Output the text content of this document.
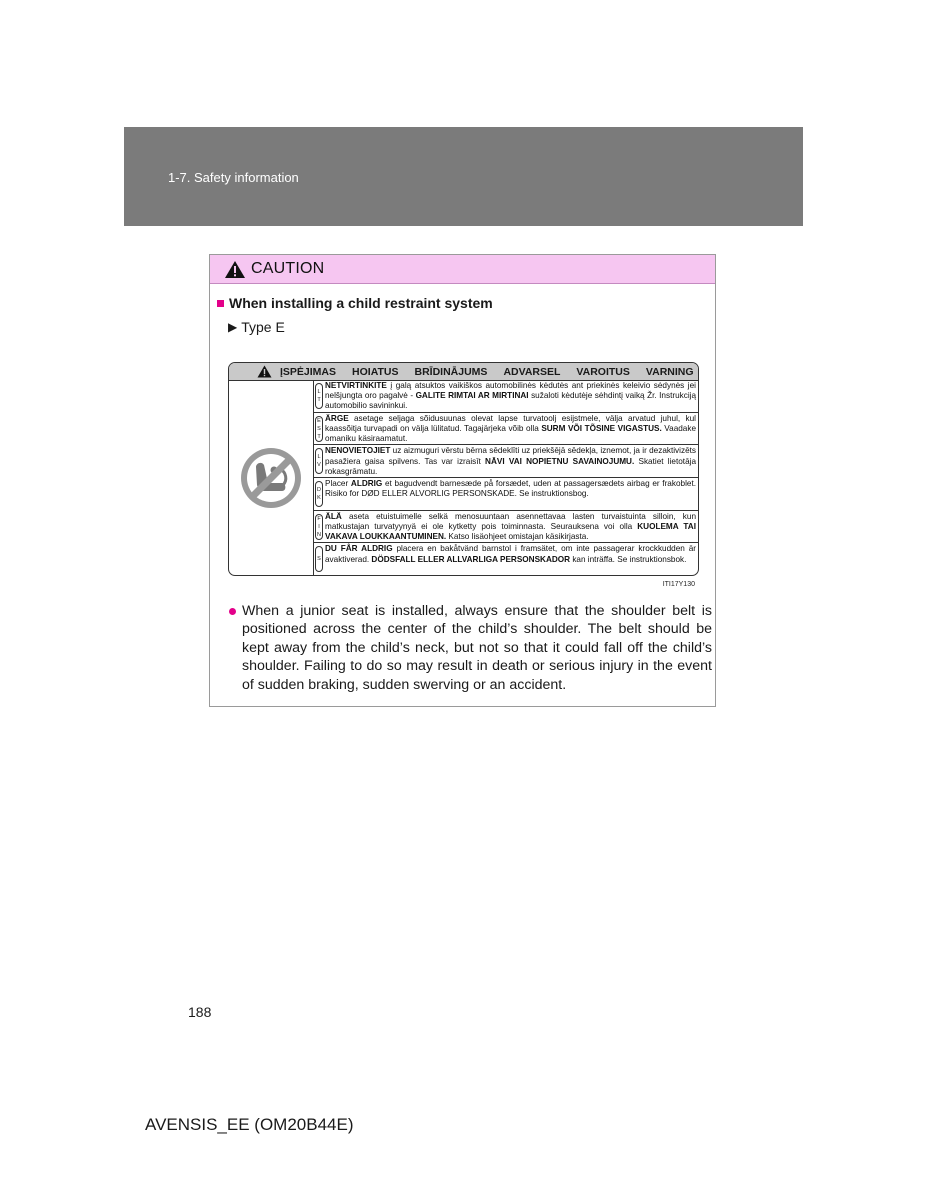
1-7. Safety information
CAUTION
When installing a child restraint system
▶ Type E
ĮSPĖJIMAS HOIATUS BRĪDINĀJUMS ADVARSEL VAROITUS VARNING
L
T
NETVIRTINKITE į galą atsuktos vaikiškos automobilinės kėdutės ant priekinės keleivio sėdynės jei nelšjungta oro pagalvė - GALITE RIMTAI AR MIRTINAI sužaloti kėdutėje sėhdintį vaiką Žr. Instrukciją automobilio savininkui.
E
S
T
ÄRGE asetage seljaga sõidusuunas olevat lapse turvatoolj esijstmele, välja arvatud juhul, kul kaassõitja turvapadi on välja lülitatud. Tagajärjeka võib olla SURM VÕI TÕSINE VIGASTUS. Vaadake omaniku käsiraamatut.
L
V
NENOVIETOJIET uz aizmuguri vērstu bērna sēdeklīti uz priekšējā sēdekļa, iznemot, ja ir dezaktivizēts pasažiera gaisa spilvens. Tas var izraisīt NĀVI VAI NOPIETNU SAVAINOJUMU. Skatiet lietotāja rokasgrāmatu.
D
K
Placer ALDRIG et bagudvendt barnesæde på forsædet, uden at passagersædets airbag er frakoblet. Risiko for DØD ELLER ALVORLIG PERSONSKADE. Se instruktionsbog.
F
I
N
ÄLÄ aseta etuistuimelle selkä menosuuntaan asennettavaa lasten turvaistuinta silloin, kun matkustajan turvatyynyä ei ole kytketty pois toiminnasta. Seurauksena voi olla KUOLEMA TAI VAKAVA LOUKKAANTUMINEN. Katso lisäohjeet omistajan käsikirjasta.
S
DU FÅR ALDRIG placera en bakåtvänd barnstol i framsätet, om inte passagerar krockkudden är avaktiverad. DÖDSFALL ELLER ALLVARLIGA PERSONSKADOR kan inträffa. Se instruktionsbok.
ITI17Y130
When a junior seat is installed, always ensure that the shoulder belt is positioned across the center of the child’s shoulder. The belt should be kept away from the child’s neck, but not so that it could fall off the child’s shoulder. Failing to do so may result in death or serious injury in the event of sudden braking, sudden swerving or an accident.
188
AVENSIS_EE (OM20B44E)
